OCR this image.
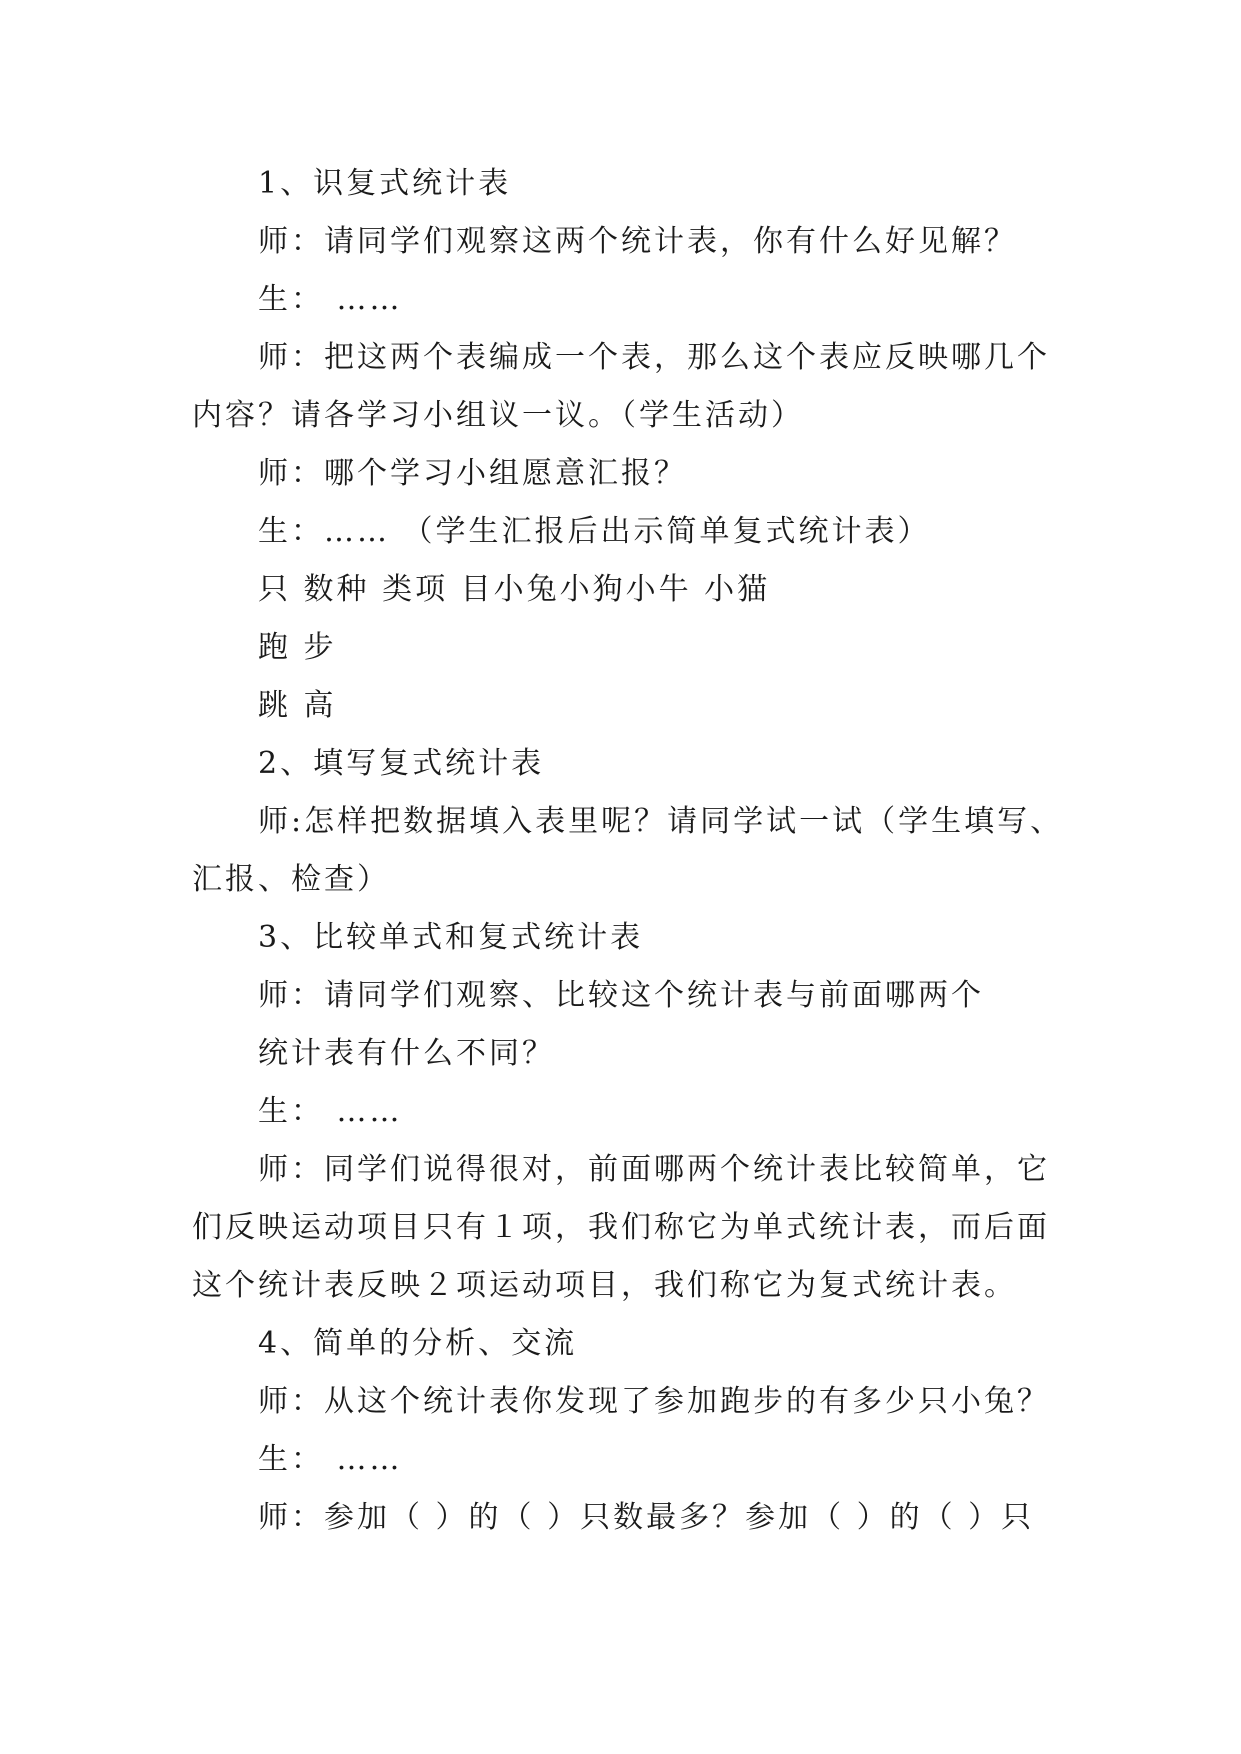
1、识复式统计表
师：请同学们观察这两个统计表，你有什么好见解？
生： ……
师：把这两个表编成一个表，那么这个表应反映哪几个
内容？请各学习小组议一议。（学生活动）
师：哪个学习小组愿意汇报？
生：…… （学生汇报后出示简单复式统计表）
只 数种 类项 目小兔小狗小牛 小猫
跑 步
跳 高
2、填写复式统计表
师:怎样把数据填入表里呢？请同学试一试（学生填写、
汇报、检查）
3、比较单式和复式统计表
师：请同学们观察、比较这个统计表与前面哪两个
统计表有什么不同？
生： ……
师：同学们说得很对，前面哪两个统计表比较简单，它
们反映运动项目只有１项，我们称它为单式统计表，而后面
这个统计表反映２项运动项目，我们称它为复式统计表。
4、简单的分析、交流
师：从这个统计表你发现了参加跑步的有多少只小兔？
生： ……
师：参加（ ）的（ ）只数最多？参加（ ）的（ ）只
